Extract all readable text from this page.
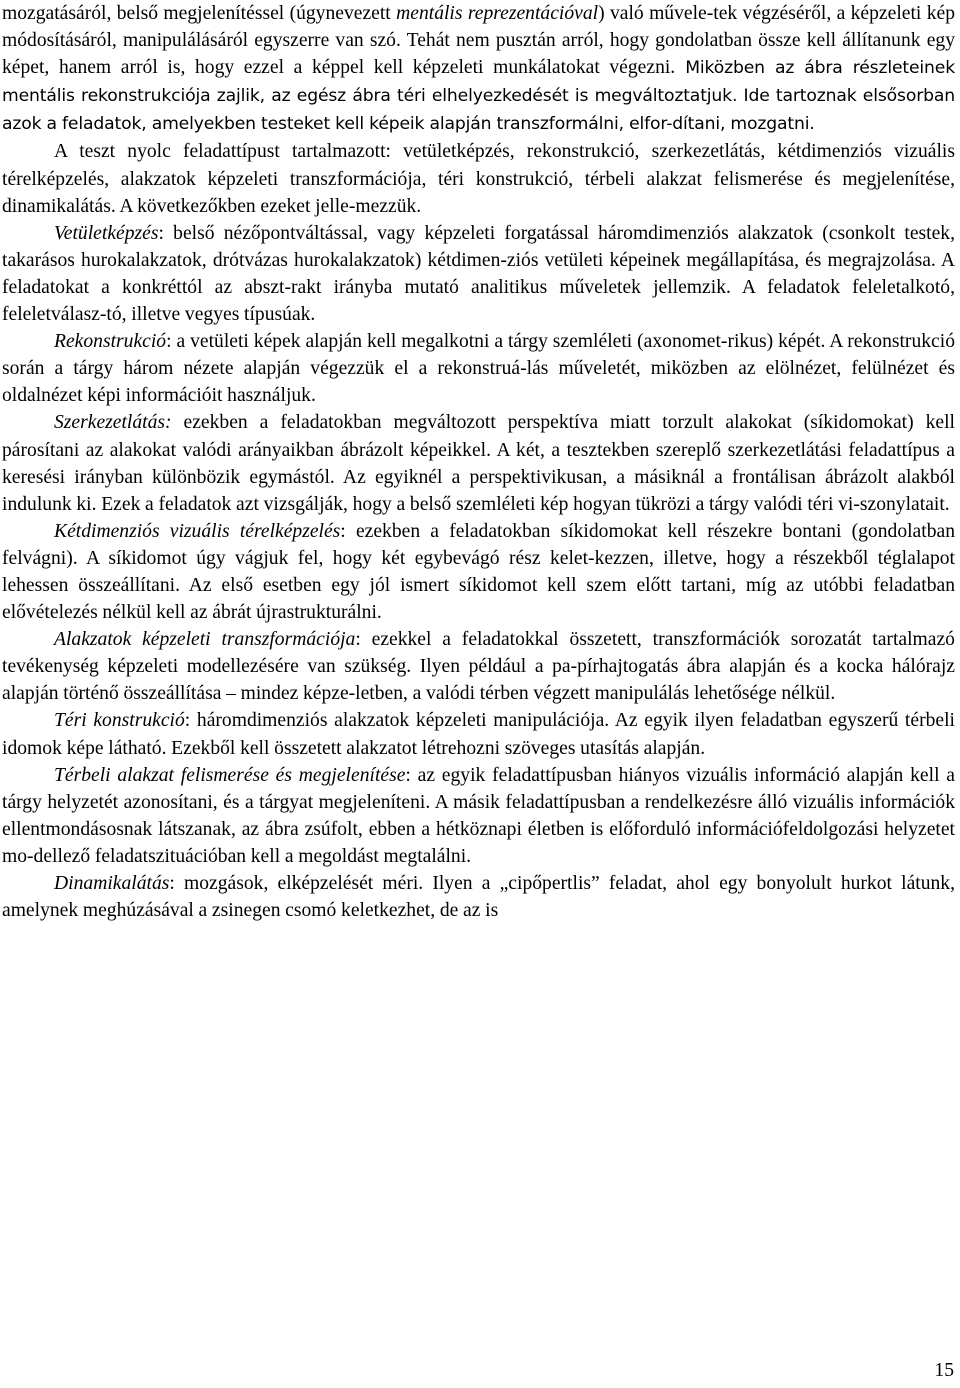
mozgatásáról, belső megjelenítéssel (úgynevezett mentális reprezentációval) való művele-tek végzéséről, a képzeleti kép módosításáról, manipulálásáról egyszerre van szó. Tehát nem pusztán arról, hogy gondolatban össze kell állítanunk egy képet, hanem arról is, hogy ezzel a képpel kell képzeleti munkálatokat végezni. Miközben az ábra részleteinek mentális rekonstrukciója zajlik, az egész ábra téri elhelyezkedését is megváltoztatjuk. Ide tartoznak elsősorban azok a feladatok, amelyekben testeket kell képeik alapján transzformálni, elfor-dítani, mozgatni.

A teszt nyolc feladattípust tartalmazott: vetületképzés, rekonstrukció, szerkezetlátás, kétdimenziós vizuális térelképzelés, alakzatok képzeleti transzformációja, téri konstrukció, térbeli alakzat felismerése és megjelenítése, dinamikalátás. A következőkben ezeket jelle-mezzük.

Vetületképzés: belső nézőpontváltással, vagy képzeleti forgatással háromdimenziós alakzatok (csonkolt testek, takarásos hurokalakzatok, drótvázas hurokalakzatok) kétdimen-ziós vetületi képeinek megállapítása, és megrajzolása. A feladatokat a konkréttól az abszt-rakt irányba mutató analitikus műveletek jellemzik. A feladatok feleletalkotó, feleletválasz-tó, illetve vegyes típusúak.

Rekonstrukció: a vetületi képek alapján kell megalkotni a tárgy szemléleti (axonomet-rikus) képét. A rekonstrukció során a tárgy három nézete alapján végezzük el a rekonstruá-lás műveletét, miközben az elölnézet, felülnézet és oldalnézet képi információit használjuk.

Szerkezetlátás: ezekben a feladatokban megváltozott perspektíva miatt torzult alakokat (síkidomokat) kell párosítani az alakokat valódi arányaikban ábrázolt képeikkel. A két, a tesztekben szereplő szerkezetlátási feladattípus a keresési irányban különbözik egymástól. Az egyiknél a perspektivikusan, a másiknál a frontálisan ábrázolt alakból indulunk ki. Ezek a feladatok azt vizsgálják, hogy a belső szemléleti kép hogyan tükrözi a tárgy valódi téri vi-szonylatait.

Kétdimenziós vizuális térelképzelés: ezekben a feladatokban síkidomokat kell részekre bontani (gondolatban felvágni). A síkidomot úgy vágjuk fel, hogy két egybevágó rész kelet-kezzen, illetve, hogy a részekből téglalapot lehessen összeállítani. Az első esetben egy jól ismert síkidomot kell szem előtt tartani, míg az utóbbi feladatban elővételezés nélkül kell az ábrát újrastrukturálni.

Alakzatok képzeleti transzformációja: ezekkel a feladatokkal összetett, transzformációk sorozatát tartalmazó tevékenység képzeleti modellezésére van szükség. Ilyen például a pa-pírhajtogatás ábra alapján és a kocka hálórajz alapján történő összeállítása – mindez képze-letben, a valódi térben végzett manipulálás lehetősége nélkül.

Téri konstrukció: háromdimenziós alakzatok képzeleti manipulációja. Az egyik ilyen feladatban egyszerű térbeli idomok képe látható. Ezekből kell összetett alakzatot létrehozni szöveges utasítás alapján.

Térbeli alakzat felismerése és megjelenítése: az egyik feladattípusban hiányos vizuális információ alapján kell a tárgy helyzetét azonosítani, és a tárgyat megjeleníteni. A másik feladattípusban a rendelkezésre álló vizuális információk ellentmondásosnak látszanak, az ábra zsúfolt, ebben a hétköznapi életben is előforduló információfeldolgozási helyzetet mo-dellező feladatszituációban kell a megoldást megtalálni.

Dinamikalátás: mozgások, elképzelését méri. Ilyen a „cipőpertlis” feladat, ahol egy bonyolult hurkot látunk, amelynek meghúzásával a zsinegen csomó keletkezhet, de az is

15
